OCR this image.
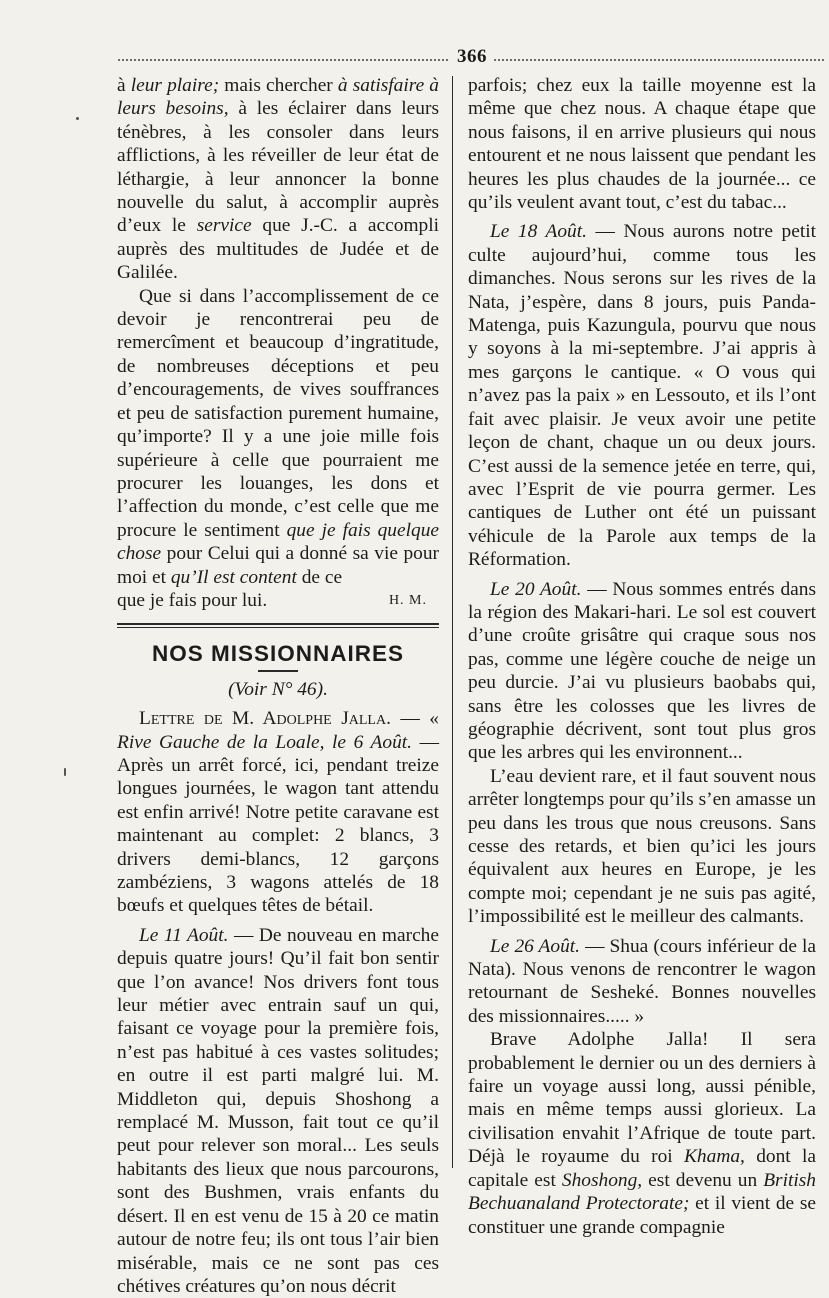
366

à leur plaire; mais chercher à satisfaire à leurs besoins, à les éclairer dans leurs ténèbres, à les consoler dans leurs afflictions, à les réveiller de leur état de léthargie, à leur annoncer la bonne nouvelle du salut, à accomplir auprès d’eux le service que J.-C. a accompli auprès des multitudes de Judée et de Galilée.

Que si dans l’accomplissement de ce devoir je rencontrerai peu de remercîment et beaucoup d’ingratitude, de nombreuses déceptions et peu d’encouragements, de vives souffrances et peu de satisfaction purement humaine, qu’importe? Il y a une joie mille fois supérieure à celle que pourraient me procurer les louanges, les dons et l’affection du monde, c’est celle que me procure le sentiment que je fais quelque chose pour Celui qui a donné sa vie pour moi et qu’Il est content de ce

que je fais pour lui.	H. M.
NOS MISSIONNAIRES
(Voir N° 46).

Lettre de M. Adolphe Jalla. — « Rive Gauche de la Loale, le 6 Août. — Après un arrêt forcé, ici, pendant treize longues journées, le wagon tant attendu est enfin arrivé! Notre petite caravane est maintenant au complet: 2 blancs, 3 drivers demi-blancs, 12 garçons zambéziens, 3 wagons attelés de 18 bœufs et quelques têtes de bétail.

Le 11 Août. — De nouveau en marche depuis quatre jours! Qu’il fait bon sentir que l’on avance! Nos drivers font tous leur métier avec entrain sauf un qui, faisant ce voyage pour la première fois, n’est pas habitué à ces vastes solitudes; en outre il est parti malgré lui. M. Middleton qui, depuis Shoshong a remplacé M. Musson, fait tout ce qu’il peut pour relever son moral... Les seuls habitants des lieux que nous parcourons, sont des Bushmen, vrais enfants du désert. Il en est venu de 15 à 20 ce matin autour de notre feu; ils ont tous l’air bien misérable, mais ce ne sont pas ces chétives créatures qu’on nous décrit

parfois; chez eux la taille moyenne est la même que chez nous. A chaque étape que nous faisons, il en arrive plusieurs qui nous entourent et ne nous laissent que pendant les heures les plus chaudes de la journée... ce qu’ils veulent avant tout, c’est du tabac...

Le 18 Août. — Nous aurons notre petit culte aujourd’hui, comme tous les dimanches. Nous serons sur les rives de la Nata, j’espère, dans 8 jours, puis Panda-Matenga, puis Kazungula, pourvu que nous y soyons à la mi-septembre. J’ai appris à mes garçons le cantique. « O vous qui n’avez pas la paix » en Lessouto, et ils l’ont fait avec plaisir. Je veux avoir une petite leçon de chant, chaque un ou deux jours. C’est aussi de la semence jetée en terre, qui, avec l’Esprit de vie pourra germer. Les cantiques de Luther ont été un puissant véhicule de la Parole aux temps de la Réformation.

Le 20 Août. — Nous sommes entrés dans la région des Makari-hari. Le sol est couvert d’une croûte grisâtre qui craque sous nos pas, comme une légère couche de neige un peu durcie. J’ai vu plusieurs baobabs qui, sans être les colosses que les livres de géographie décrivent, sont tout plus gros que les arbres qui les environnent...

L’eau devient rare, et il faut souvent nous arrêter longtemps pour qu’ils s’en amasse un peu dans les trous que nous creusons. Sans cesse des retards, et bien qu’ici les jours équivalent aux heures en Europe, je les compte moi; cependant je ne suis pas agité, l’impossibilité est le meilleur des calmants.

Le 26 Août. — Shua (cours inférieur de la Nata). Nous venons de rencontrer le wagon retournant de Sesheké. Bonnes nouvelles des missionnaires..... »

Brave Adolphe Jalla! Il sera probablement le dernier ou un des derniers à faire un voyage aussi long, aussi pénible, mais en même temps aussi glorieux. La civilisation envahit l’Afrique de toute part. Déjà le royaume du roi Khama, dont la capitale est Shoshong, est devenu un British Bechuanaland Protectorate; et il vient de se constituer une grande compagnie
